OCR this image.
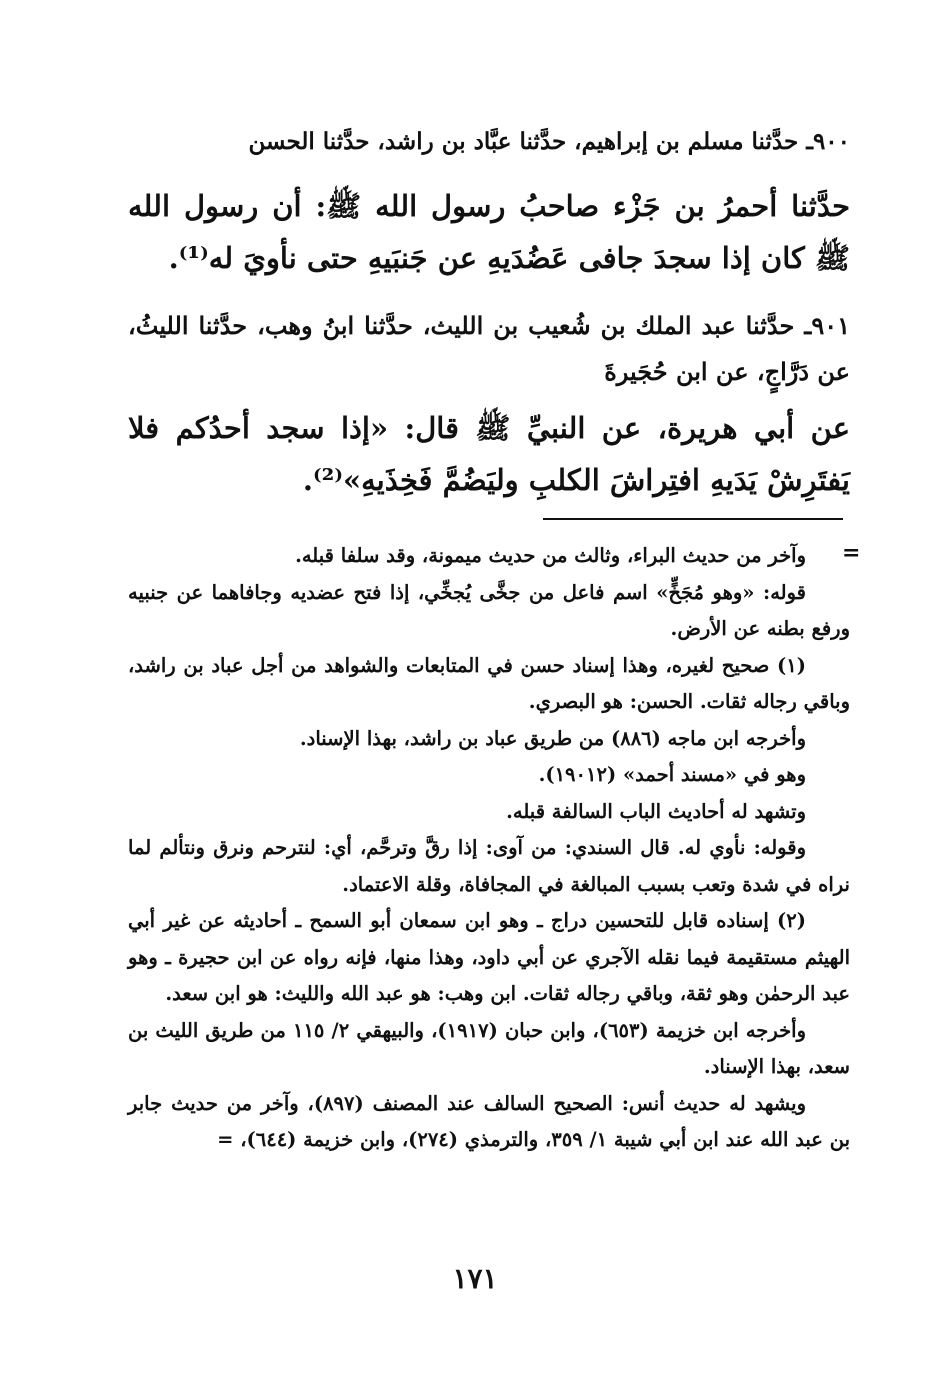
٩٠٠ـ حدَّثنا مسلم بن إبراهيم، حدَّثنا عبَّاد بن راشد، حدَّثنا الحسن

حدَّثنا أحمرُ بن جَزْء صاحبُ رسول الله ﷺ: أن رسول الله ﷺ كان إذا سجدَ جافى عَضُدَيهِ عن جَنبَيهِ حتى نأويَ له⁽¹⁾.

٩٠١ـ حدَّثنا عبد الملك بن شُعيب بن الليث، حدَّثنا ابنُ وهب، حدَّثنا الليثُ، عن دَرَّاجٍ، عن ابن حُجَيرةَ

عن أبي هريرة، عن النبيِّ ﷺ قال: «إذا سجد أحدُكم فلا يَفتَرِشْ يَدَيهِ افتِراشَ الكلبِ وليَضُمَّ فَخِذَيهِ»⁽²⁾.

=

وآخر من حديث البراء، وثالث من حديث ميمونة، وقد سلفا قبله.

قوله: «وهو مُجَخٍّ» اسم فاعل من جخَّى يُجخِّي، إذا فتح عضديه وجافاهما عن جنبيه ورفع بطنه عن الأرض.

(١) صحيح لغيره، وهذا إسناد حسن في المتابعات والشواهد من أجل عباد بن راشد، وباقي رجاله ثقات. الحسن: هو البصري.

وأخرجه ابن ماجه (٨٨٦) من طريق عباد بن راشد، بهذا الإسناد.

وهو في «مسند أحمد» (١٩٠١٢).

وتشهد له أحاديث الباب السالفة قبله.

وقوله: نأوي له. قال السندي: من آوى: إذا رقَّ وترحَّم، أي: لنترحم ونرق ونتألم لما نراه في شدة وتعب بسبب المبالغة في المجافاة، وقلة الاعتماد.

(٢) إسناده قابل للتحسين دراج ـ وهو ابن سمعان أبو السمح ـ أحاديثه عن غير أبي الهيثم مستقيمة فيما نقله الآجري عن أبي داود، وهذا منها، فإنه رواه عن ابن حجيرة ـ وهو عبد الرحمٰن وهو ثقة، وباقي رجاله ثقات. ابن وهب: هو عبد الله والليث: هو ابن سعد.

وأخرجه ابن خزيمة (٦٥٣)، وابن حبان (١٩١٧)، والبيهقي ٢/ ١١٥ من طريق الليث بن سعد، بهذا الإسناد.

ويشهد له حديث أنس: الصحيح السالف عند المصنف (٨٩٧)، وآخر من حديث جابر بن عبد الله عند ابن أبي شيبة ١/ ٣٥٩، والترمذي (٢٧٤)، وابن خزيمة (٦٤٤)، =

١٧١
